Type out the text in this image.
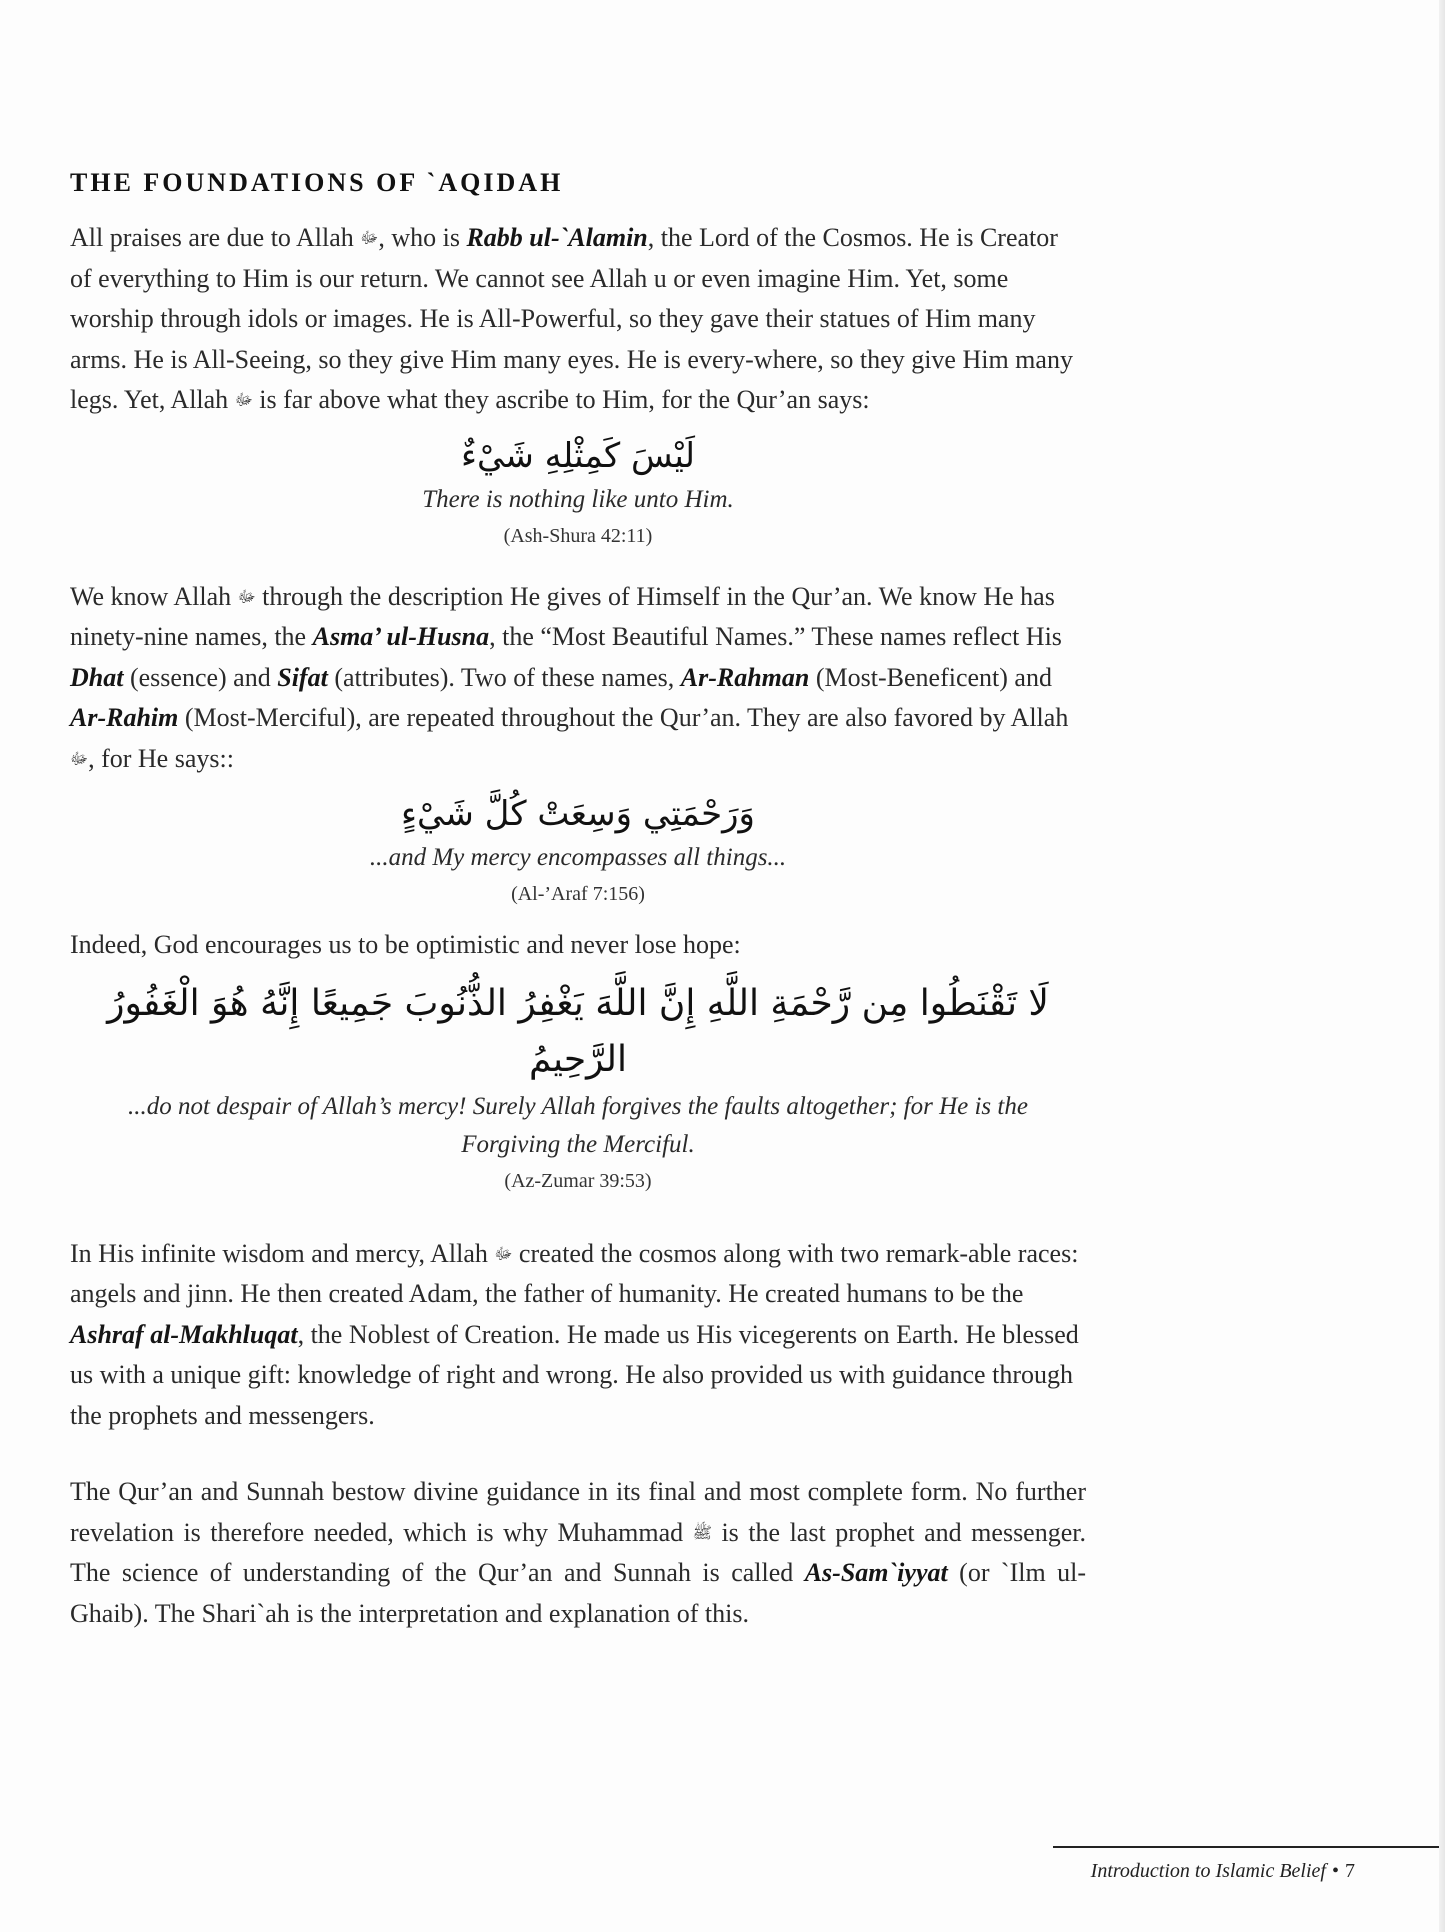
THE FOUNDATIONS OF `AQIDAH

All praises are due to Allah ﷻ, who is Rabb ul-`Alamin, the Lord of the Cosmos. He is Creator of everything to Him is our return. We cannot see Allah u or even imagine Him. Yet, some worship through idols or images. He is All-Powerful, so they gave their statues of Him many arms. He is All-Seeing, so they give Him many eyes. He is every-where, so they give Him many legs. Yet, Allah ﷻ is far above what they ascribe to Him, for the Qur’an says:

لَيْسَ كَمِثْلِهِ شَيْءٌ
There is nothing like unto Him.
(Ash-Shura 42:11)

We know Allah ﷻ through the description He gives of Himself in the Qur’an. We know He has ninety-nine names, the Asma’ ul-Husna, the “Most Beautiful Names.” These names reflect His Dhat (essence) and Sifat (attributes). Two of these names, Ar-Rahman (Most-Beneficent) and Ar-Rahim (Most-Merciful), are repeated throughout the Qur’an. They are also favored by Allah ﷻ, for He says::

وَرَحْمَتِي وَسِعَتْ كُلَّ شَيْءٍ
...and My mercy encompasses all things...
(Al-’Araf 7:156)

Indeed, God encourages us to be optimistic and never lose hope:

لَا تَقْنَطُوا مِن رَّحْمَةِ اللَّهِ إِنَّ اللَّهَ يَغْفِرُ الذُّنُوبَ جَمِيعًا إِنَّهُ هُوَ الْغَفُورُ الرَّحِيمُ
...do not despair of Allah’s mercy! Surely Allah forgives the faults altogether; for He is the
Forgiving the Merciful.
(Az-Zumar 39:53)

In His infinite wisdom and mercy, Allah ﷻ created the cosmos along with two remark-able races: angels and jinn. He then created Adam, the father of humanity. He created humans to be the Ashraf al-Makhluqat, the Noblest of Creation. He made us His vicegerents on Earth. He blessed us with a unique gift: knowledge of right and wrong. He also provided us with guidance through the prophets and messengers.

The Qur’an and Sunnah bestow divine guidance in its final and most complete form. No further revelation is therefore needed, which is why Muhammad ﷺ is the last prophet and messenger. The science of understanding of the Qur’an and Sunnah is called As-Sam`iyyat (or `Ilm ul-Ghaib). The Shari`ah is the interpretation and explanation of this.

Introduction to Islamic Belief • 7
